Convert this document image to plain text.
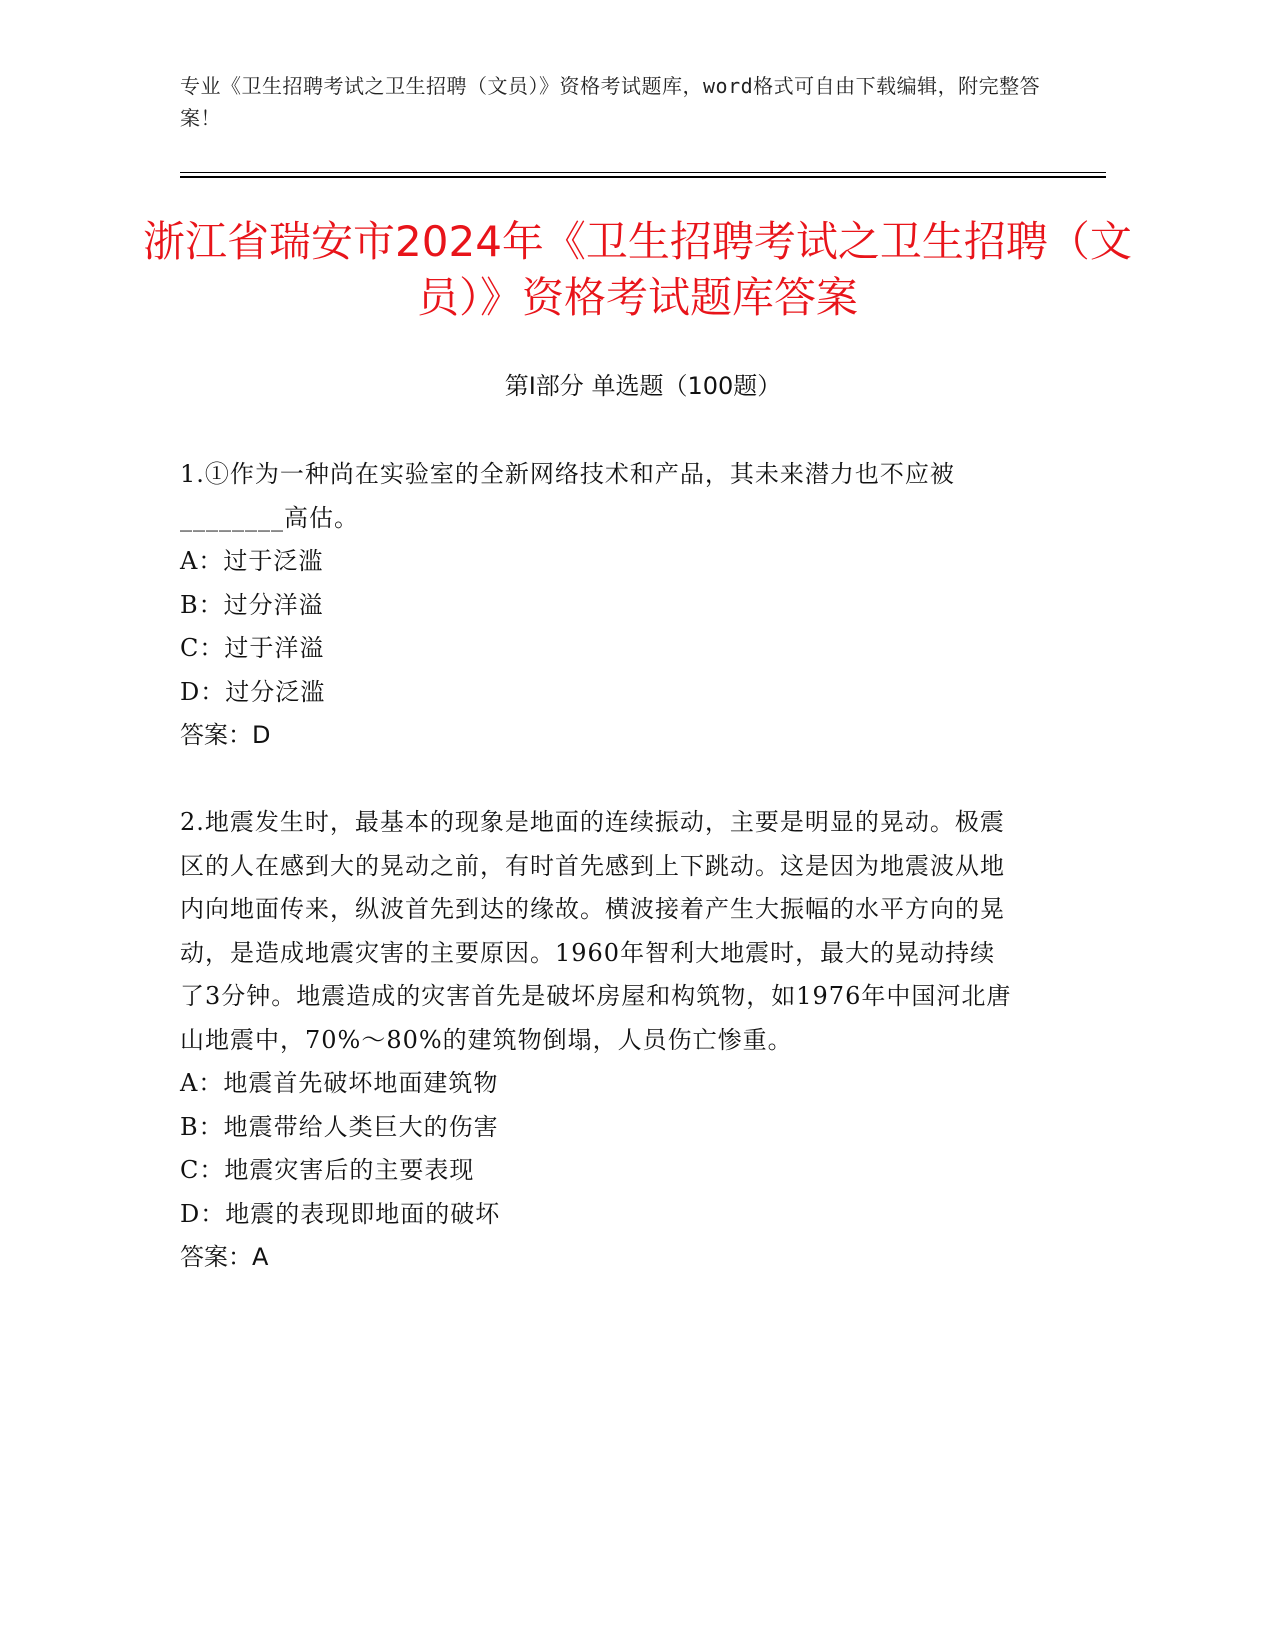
专业《卫生招聘考试之卫生招聘（文员）》资格考试题库，word格式可自由下载编辑，附完整答案！
浙江省瑞安市2024年《卫生招聘考试之卫生招聘（文员）》资格考试题库答案
第Ⅰ部分 单选题（100题）
1.①作为一种尚在实验室的全新网络技术和产品，其未来潜力也不应被________高估。
A：过于泛滥
B：过分洋溢
C：过于洋溢
D：过分泛滥
答案：D
2.地震发生时，最基本的现象是地面的连续振动，主要是明显的晃动。极震区的人在感到大的晃动之前，有时首先感到上下跳动。这是因为地震波从地内向地面传来，纵波首先到达的缘故。横波接着产生大振幅的水平方向的晃动，是造成地震灾害的主要原因。1960年智利大地震时，最大的晃动持续了3分钟。地震造成的灾害首先是破坏房屋和构筑物，如1976年中国河北唐山地震中，70%～80%的建筑物倒塌，人员伤亡惨重。
A：地震首先破坏地面建筑物
B：地震带给人类巨大的伤害
C：地震灾害后的主要表现
D：地震的表现即地面的破坏
答案：A
